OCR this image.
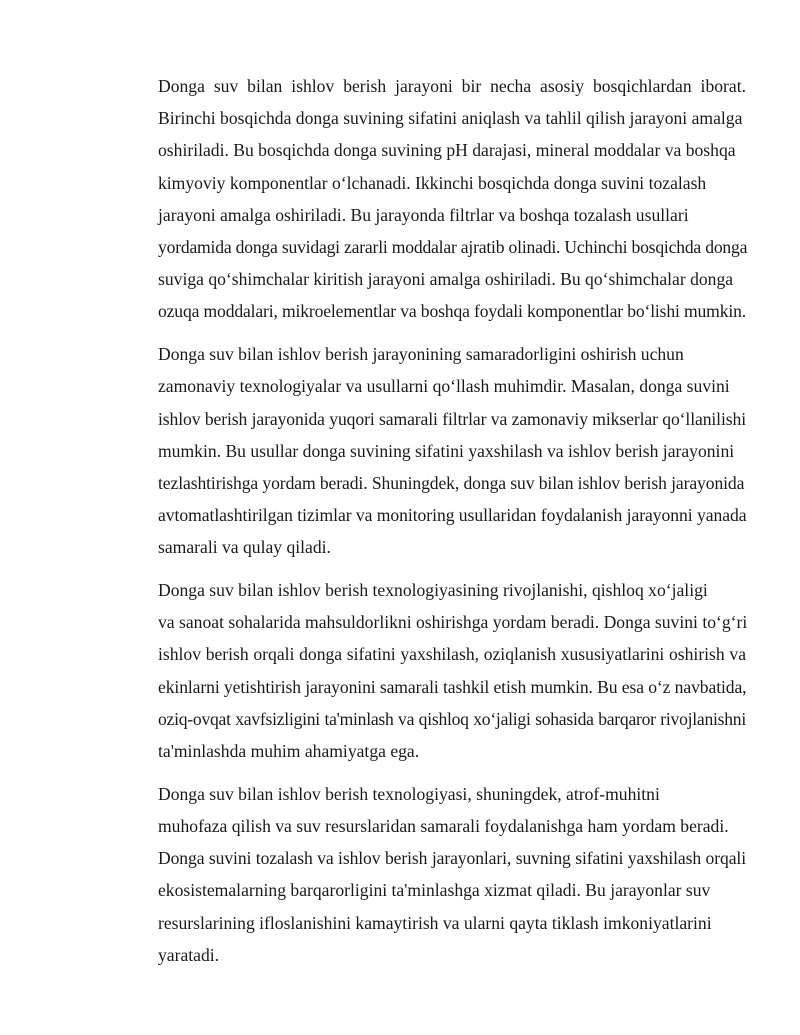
Donga suv bilan ishlov berish jarayoni bir necha asosiy bosqichlardan iborat.
Birinchi bosqichda donga suvining sifatini aniqlash va tahlil qilish jarayoni amalga
oshiriladi. Bu bosqichda donga suvining pH darajasi, mineral moddalar va boshqa
kimyoviy komponentlar oʻlchanadi. Ikkinchi bosqichda donga suvini tozalash
jarayoni amalga oshiriladi. Bu jarayonda filtrlar va boshqa tozalash usullari
yordamida donga suvidagi zararli moddalar ajratib olinadi. Uchinchi bosqichda donga
suviga qoʻshimchalar kiritish jarayoni amalga oshiriladi. Bu qoʻshimchalar donga
ozuqa moddalari, mikroelementlar va boshqa foydali komponentlar boʻlishi mumkin.
Donga suv bilan ishlov berish jarayonining samaradorligini oshirish uchun
zamonaviy texnologiyalar va usullarni qoʻllash muhimdir. Masalan, donga suvini
ishlov berish jarayonida yuqori samarali filtrlar va zamonaviy mikserlar qoʻllanilishi
mumkin. Bu usullar donga suvining sifatini yaxshilash va ishlov berish jarayonini
tezlashtirishga yordam beradi. Shuningdek, donga suv bilan ishlov berish jarayonida
avtomatlashtirilgan tizimlar va monitoring usullaridan foydalanish jarayonni yanada
samarali va qulay qiladi.
Donga suv bilan ishlov berish texnologiyasining rivojlanishi, qishloq xoʻjaligi
va sanoat sohalarida mahsuldorlikni oshirishga yordam beradi. Donga suvini toʻgʻri
ishlov berish orqali donga sifatini yaxshilash, oziqlanish xususiyatlarini oshirish va
ekinlarni yetishtirish jarayonini samarali tashkil etish mumkin. Bu esa oʻz navbatida,
oziq-ovqat xavfsizligini ta'minlash va qishloq xoʻjaligi sohasida barqaror rivojlanishni
ta'minlashda muhim ahamiyatga ega.
Donga suv bilan ishlov berish texnologiyasi, shuningdek, atrof-muhitni
muhofaza qilish va suv resurslaridan samarali foydalanishga ham yordam beradi.
Donga suvini tozalash va ishlov berish jarayonlari, suvning sifatini yaxshilash orqali
ekosistemalarning barqarorligini ta'minlashga xizmat qiladi. Bu jarayonlar suv
resurslarining ifloslanishini kamaytirish va ularni qayta tiklash imkoniyatlarini
yaratadi.
